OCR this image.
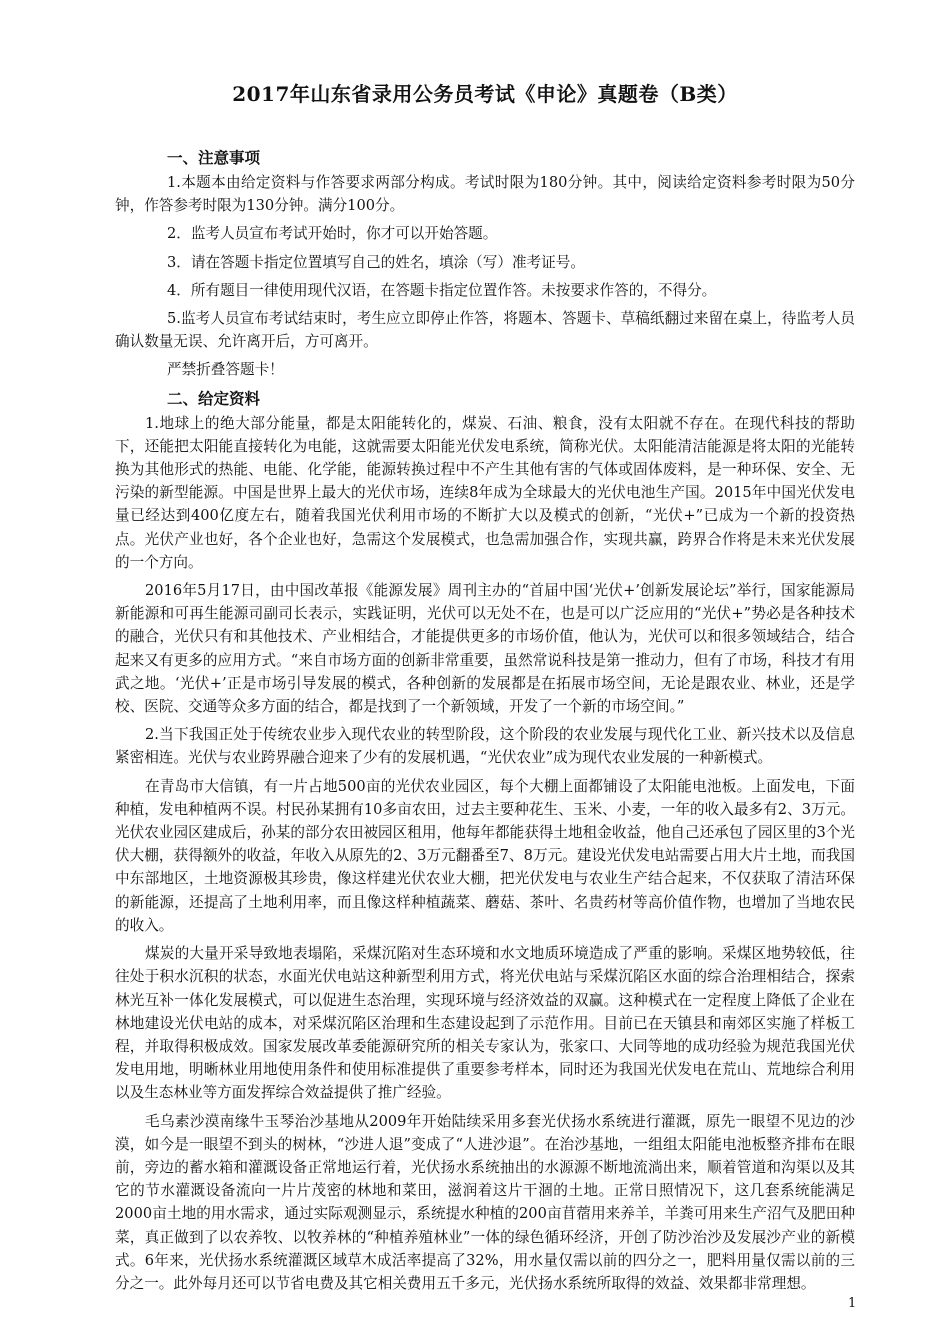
2017年山东省录用公务员考试《申论》真题卷（B类）
一、注意事项

1.本题本由给定资料与作答要求两部分构成。考试时限为180分钟。其中，阅读给定资料参考时限为50分钟，作答参考时限为130分钟。满分100分。

2．监考人员宣布考试开始时，你才可以开始答题。

3．请在答题卡指定位置填写自己的姓名，填涂（写）准考证号。

4．所有题目一律使用现代汉语，在答题卡指定位置作答。未按要求作答的，不得分。

5.监考人员宣布考试结束时，考生应立即停止作答，将题本、答题卡、草稿纸翻过来留在桌上，待监考人员确认数量无误、允许离开后，方可离开。

严禁折叠答题卡！

二、给定资料

1.地球上的绝大部分能量，都是太阳能转化的，煤炭、石油、粮食，没有太阳就不存在。在现代科技的帮助下，还能把太阳能直接转化为电能，这就需要太阳能光伏发电系统，简称光伏。太阳能清洁能源是将太阳的光能转换为其他形式的热能、电能、化学能，能源转换过程中不产生其他有害的气体或固体废料，是一种环保、安全、无污染的新型能源。中国是世界上最大的光伏市场，连续8年成为全球最大的光伏电池生产国。2015年中国光伏发电量已经达到400亿度左右，随着我国光伏利用市场的不断扩大以及模式的创新，“光伏+”已成为一个新的投资热点。光伏产业也好，各个企业也好，急需这个发展模式，也急需加强合作，实现共赢，跨界合作将是未来光伏发展的一个方向。

2016年5月17日，由中国改革报《能源发展》周刊主办的“首届中国‘光伏+’创新发展论坛”举行，国家能源局新能源和可再生能源司副司长表示，实践证明，光伏可以无处不在，也是可以广泛应用的“光伏+”势必是各种技术的融合，光伏只有和其他技术、产业相结合，才能提供更多的市场价值，他认为，光伏可以和很多领域结合，结合起来又有更多的应用方式。“来自市场方面的创新非常重要，虽然常说科技是第一推动力，但有了市场，科技才有用武之地。‘光伏+’正是市场引导发展的模式，各种创新的发展都是在拓展市场空间，无论是跟农业、林业，还是学校、医院、交通等众多方面的结合，都是找到了一个新领域，开发了一个新的市场空间。”

2.当下我国正处于传统农业步入现代农业的转型阶段，这个阶段的农业发展与现代化工业、新兴技术以及信息紧密相连。光伏与农业跨界融合迎来了少有的发展机遇，“光伏农业”成为现代农业发展的一种新模式。

在青岛市大信镇，有一片占地500亩的光伏农业园区，每个大棚上面都铺设了太阳能电池板。上面发电，下面种植，发电种植两不误。村民孙某拥有10多亩农田，过去主要种花生、玉米、小麦，一年的收入最多有2、3万元。光伏农业园区建成后，孙某的部分农田被园区租用，他每年都能获得土地租金收益，他自己还承包了园区里的3个光伏大棚，获得额外的收益，年收入从原先的2、3万元翻番至7、8万元。建设光伏发电站需要占用大片土地，而我国中东部地区，土地资源极其珍贵，像这样建光伏农业大棚，把光伏发电与农业生产结合起来，不仅获取了清洁环保的新能源，还提高了土地利用率，而且像这样种植蔬菜、蘑菇、茶叶、名贵药材等高价值作物，也增加了当地农民的收入。

煤炭的大量开采导致地表塌陷，采煤沉陷对生态环境和水文地质环境造成了严重的影响。采煤区地势较低，往往处于积水沉积的状态，水面光伏电站这种新型利用方式，将光伏电站与采煤沉陷区水面的综合治理相结合，探索林光互补一体化发展模式，可以促进生态治理，实现环境与经济效益的双赢。这种模式在一定程度上降低了企业在林地建设光伏电站的成本，对采煤沉陷区治理和生态建设起到了示范作用。目前已在天镇县和南郊区实施了样板工程，并取得积极成效。国家发展改革委能源研究所的相关专家认为，张家口、大同等地的成功经验为规范我国光伏发电用地，明晰林业用地使用条件和使用标准提供了重要参考样本，同时还为我国光伏发电在荒山、荒地综合利用以及生态林业等方面发挥综合效益提供了推广经验。

毛乌素沙漠南缘牛玉琴治沙基地从2009年开始陆续采用多套光伏扬水系统进行灌溉，原先一眼望不见边的沙漠，如今是一眼望不到头的树林，“沙进人退”变成了“人进沙退”。在治沙基地，一组组太阳能电池板整齐排布在眼前，旁边的蓄水箱和灌溉设备正常地运行着，光伏扬水系统抽出的水源源不断地流淌出来，顺着管道和沟渠以及其它的节水灌溉设备流向一片片茂密的林地和菜田，滋润着这片干涸的土地。正常日照情况下，这几套系统能满足2000亩土地的用水需求，通过实际观测显示，系统提水种植的200亩苜蓿用来养羊，羊粪可用来生产沼气及肥田种菜，真正做到了以农养牧、以牧养林的“种植养殖林业”一体的绿色循环经济，开创了防沙治沙及发展沙产业的新模式。6年来，光伏扬水系统灌溉区域草木成活率提高了32%，用水量仅需以前的四分之一，肥料用量仅需以前的三分之一。此外每月还可以节省电费及其它相关费用五千多元，光伏扬水系统所取得的效益、效果都非常理想。

1
